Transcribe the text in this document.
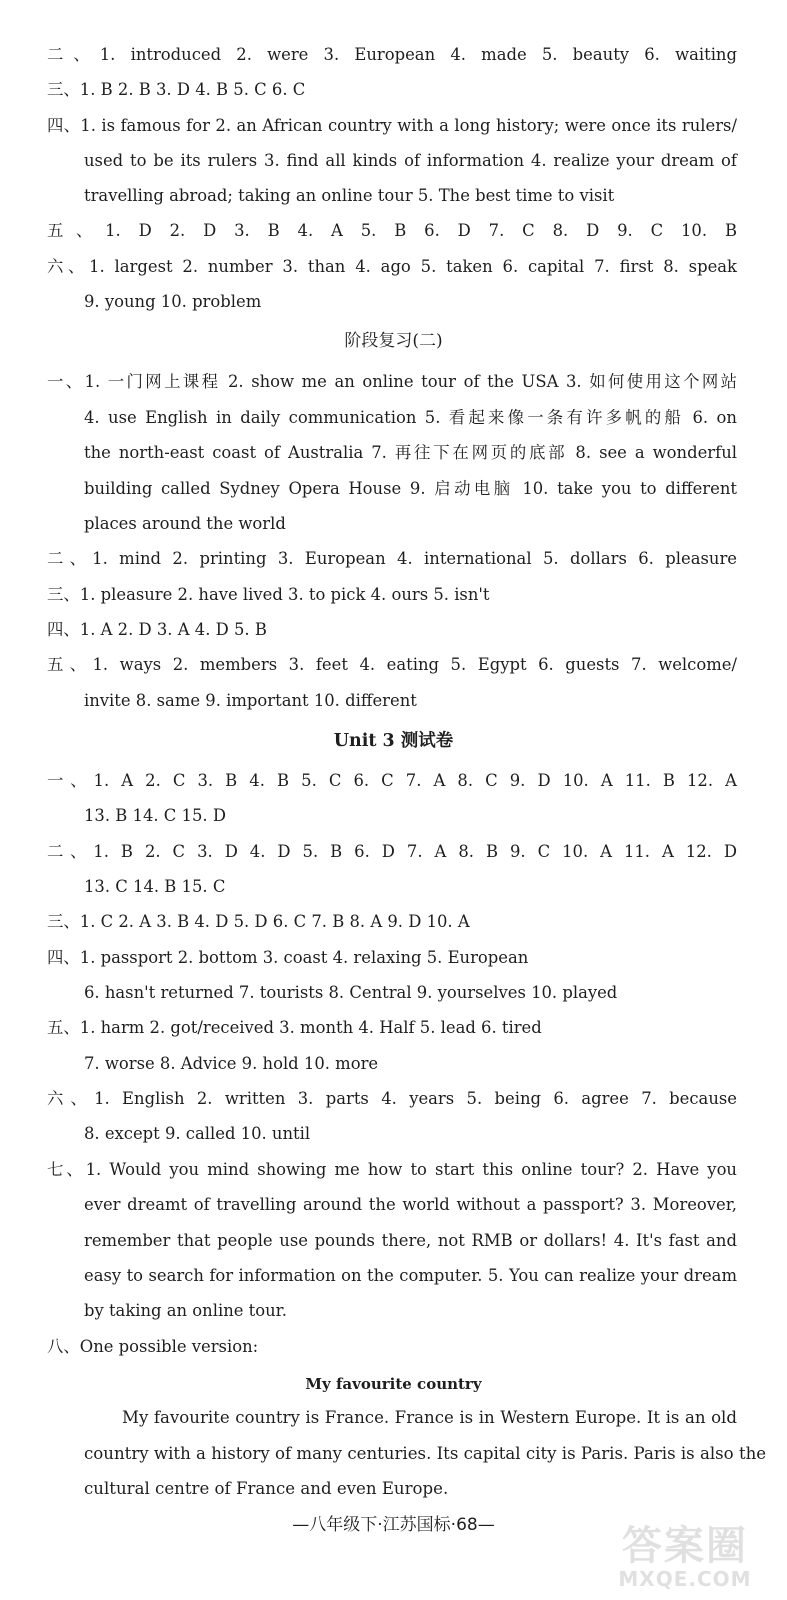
二、1. introduced 2. were 3. European 4. made 5. beauty 6. waiting
三、1. B 2. B 3. D 4. B 5. C 6. C
四、1. is famous for 2. an African country with a long history; were once its rulers/
used to be its rulers 3. find all kinds of information 4. realize your dream of
travelling abroad; taking an online tour 5. The best time to visit
五、1. D 2. D 3. B 4. A 5. B 6. D 7. C 8. D 9. C 10. B
六、1. largest 2. number 3. than 4. ago 5. taken 6. capital 7. first 8. speak
9. young 10. problem
阶段复习(二)
一、1. 一门网上课程 2. show me an online tour of the USA 3. 如何使用这个网站
4. use English in daily communication 5. 看起来像一条有许多帆的船 6. on
the north-east coast of Australia 7. 再往下在网页的底部 8. see a wonderful
building called Sydney Opera House 9. 启动电脑 10. take you to different
places around the world
二、1. mind 2. printing 3. European 4. international 5. dollars 6. pleasure
三、1. pleasure 2. have lived 3. to pick 4. ours 5. isn't
四、1. A 2. D 3. A 4. D 5. B
五、1. ways 2. members 3. feet 4. eating 5. Egypt 6. guests 7. welcome/
invite 8. same 9. important 10. different
Unit 3 测试卷
一、1. A 2. C 3. B 4. B 5. C 6. C 7. A 8. C 9. D 10. A 11. B 12. A
13. B 14. C 15. D
二、1. B 2. C 3. D 4. D 5. B 6. D 7. A 8. B 9. C 10. A 11. A 12. D
13. C 14. B 15. C
三、1. C 2. A 3. B 4. D 5. D 6. C 7. B 8. A 9. D 10. A
四、1. passport 2. bottom 3. coast 4. relaxing 5. European
6. hasn't returned 7. tourists 8. Central 9. yourselves 10. played
五、1. harm 2. got/received 3. month 4. Half 5. lead 6. tired
7. worse 8. Advice 9. hold 10. more
六、1. English 2. written 3. parts 4. years 5. being 6. agree 7. because
8. except 9. called 10. until
七、1. Would you mind showing me how to start this online tour? 2. Have you
ever dreamt of travelling around the world without a passport? 3. Moreover,
remember that people use pounds there, not RMB or dollars! 4. It's fast and
easy to search for information on the computer. 5. You can realize your dream
by taking an online tour.
八、One possible version:
My favourite country
My favourite country is France. France is in Western Europe. It is an old
country with a history of many centuries. Its capital city is Paris. Paris is also the
cultural centre of France and even Europe.
—八年级下·江苏国标·68—	答案圈
MXQE.COM
